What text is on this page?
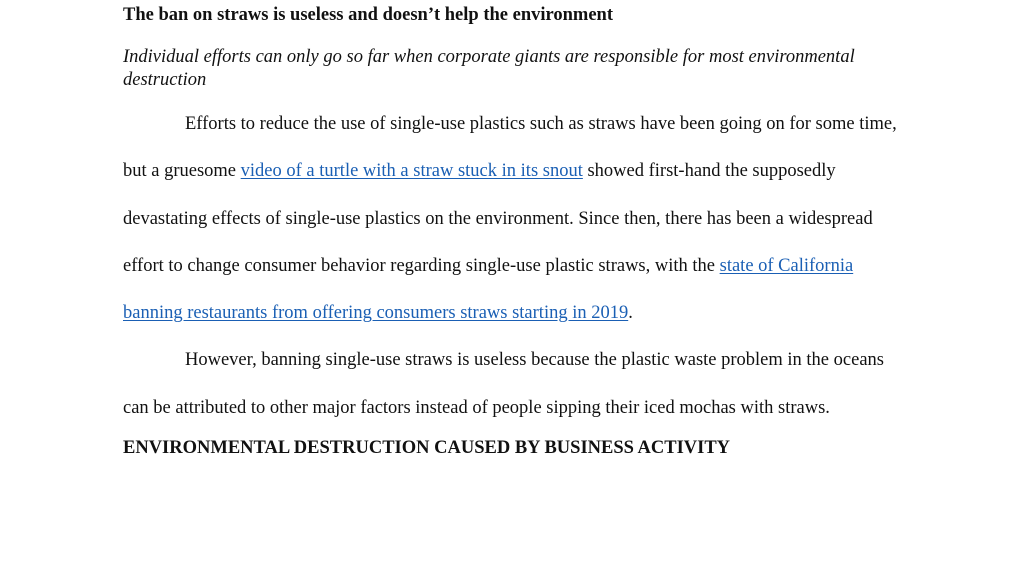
The ban on straws is useless and doesn’t help the environment

Individual efforts can only go so far when corporate giants are responsible for most environmental destruction

Efforts to reduce the use of single-use plastics such as straws have been going on for some time, but a gruesome video of a turtle with a straw stuck in its snout showed first-hand the supposedly devastating effects of single-use plastics on the environment. Since then, there has been a widespread effort to change consumer behavior regarding single-use plastic straws, with the state of California banning restaurants from offering consumers straws starting in 2019.

However, banning single-use straws is useless because the plastic waste problem in the oceans can be attributed to other major factors instead of people sipping their iced mochas with straws.

ENVIRONMENTAL DESTRUCTION CAUSED BY BUSINESS ACTIVITY
